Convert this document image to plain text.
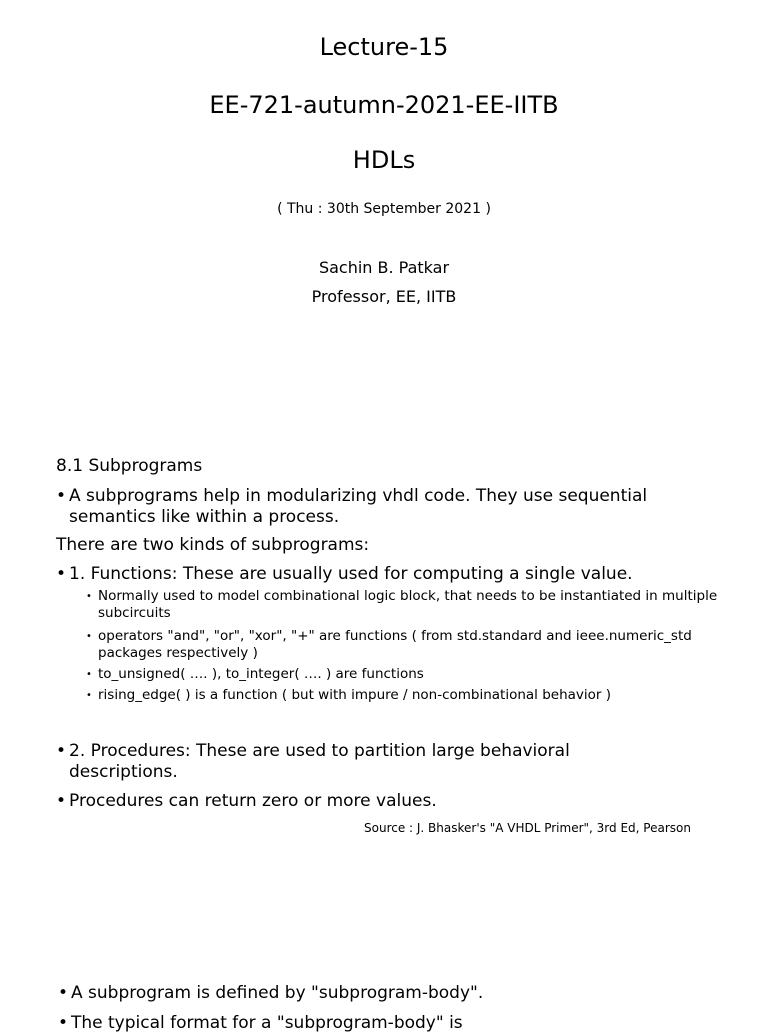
Lecture-15
EE-721-autumn-2021-EE-IITB
HDLs
( Thu : 30th September 2021 )
Sachin B. Patkar
Professor, EE, IITB
8.1 Subprograms
• A subprograms help in modularizing vhdl code. They use sequential semantics like within a process.
There are two kinds of subprograms:
• 1. Functions: These are usually used for computing a single value.
• Normally used to model combinational logic block, that needs to be instantiated in multiple subcircuits
• operators "and", "or", "xor", "+" are functions ( from std.standard and ieee.numeric_std packages respectively )
• to_unsigned( …. ), to_integer( …. ) are functions
• rising_edge( ) is a function ( but with impure / non-combinational behavior )
• 2. Procedures: These are used to partition large behavioral descriptions.
• Procedures can return zero or more values.
Source : J. Bhasker's "A VHDL Primer", 3rd Ed, Pearson
• A subprogram is defined by "subprogram-body".
• The typical format for a "subprogram-body" is
